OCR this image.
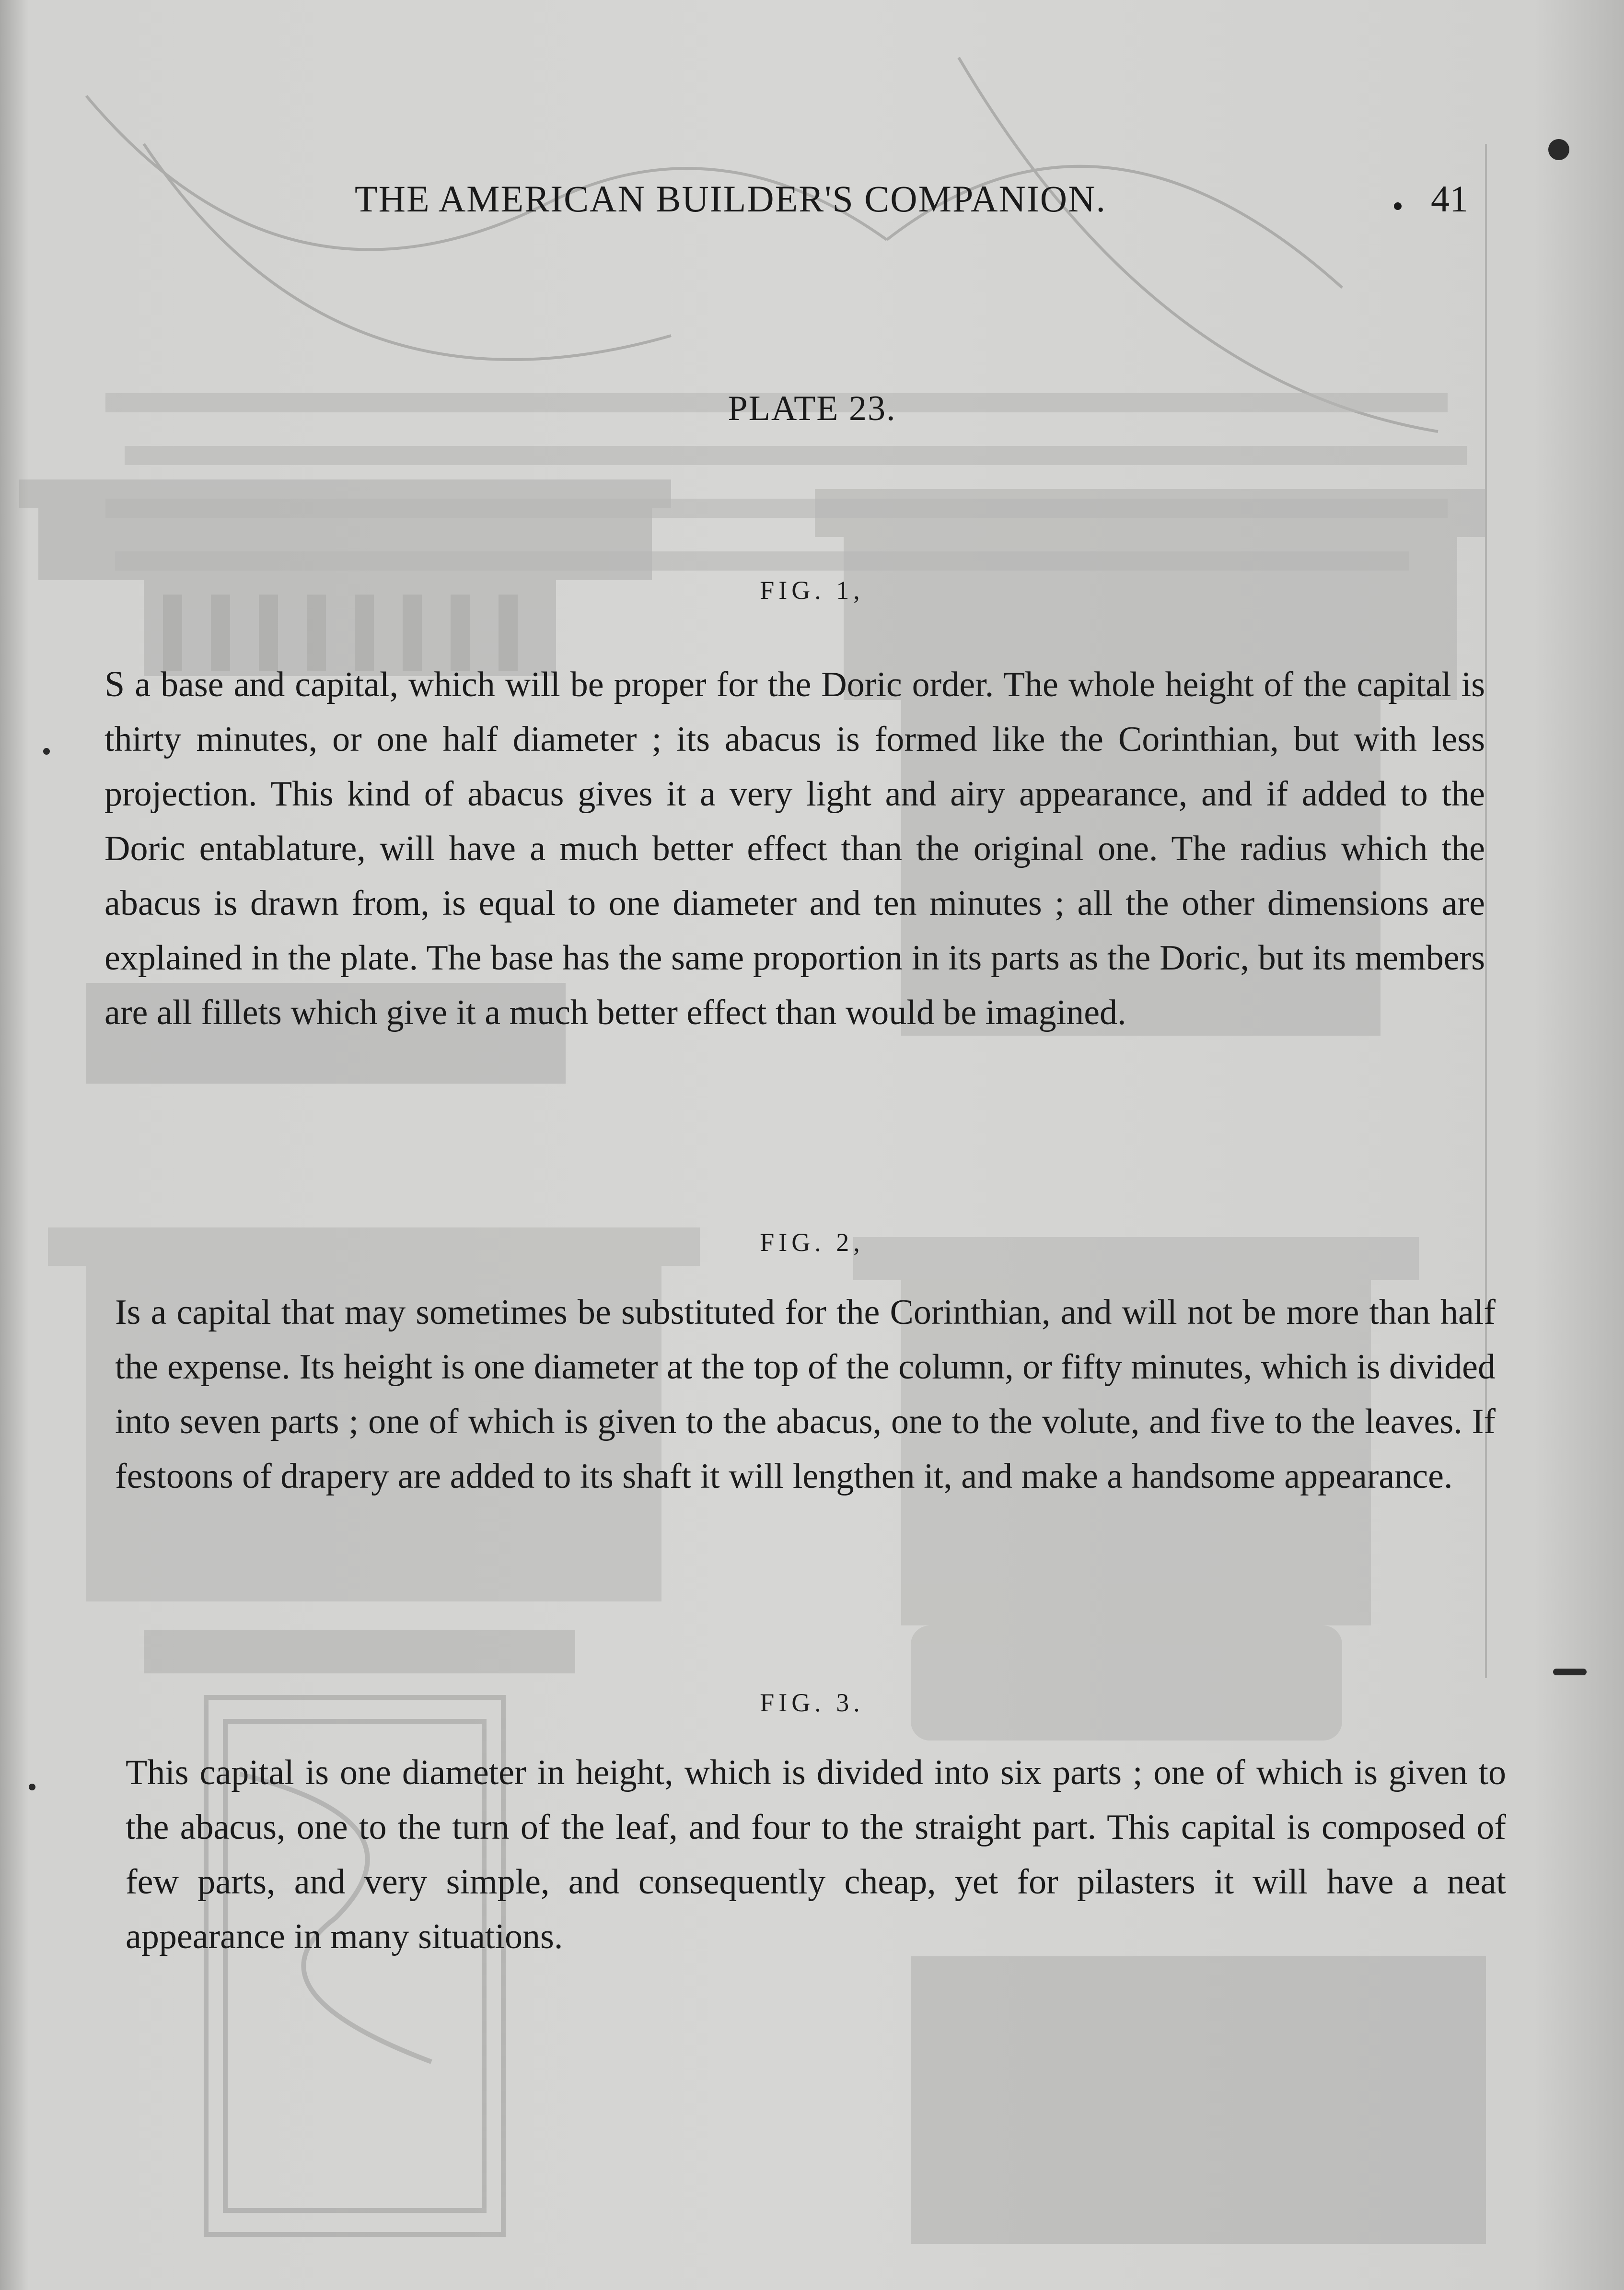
THE AMERICAN BUILDER'S COMPANION.	41
PLATE 23.
FIG. 1,

S a base and capital, which will be proper for the Doric order. The whole height of the capital is thirty minutes, or one half diameter ; its abacus is formed like the Corinthian, but with less projection. This kind of abacus gives it a very light and airy appearance, and if added to the Doric entablature, will have a much better effect than the original one. The radius which the abacus is drawn from, is equal to one diameter and ten minutes ; all the other dimensions are explained in the plate. The base has the same proportion in its parts as the Doric, but its members are all fillets which give it a much better effect than would be imagined.

FIG. 2,

Is a capital that may sometimes be substituted for the Corinthian, and will not be more than half the expense. Its height is one diameter at the top of the column, or fifty minutes, which is divided into seven parts ; one of which is given to the abacus, one to the volute, and five to the leaves. If festoons of drapery are added to its shaft it will lengthen it, and make a handsome appearance.

FIG. 3.

This capital is one diameter in height, which is divided into six parts ; one of which is given to the abacus, one to the turn of the leaf, and four to the straight part. This capital is composed of few parts, and very simple, and consequently cheap, yet for pilasters it will have a neat appearance in many situations.
